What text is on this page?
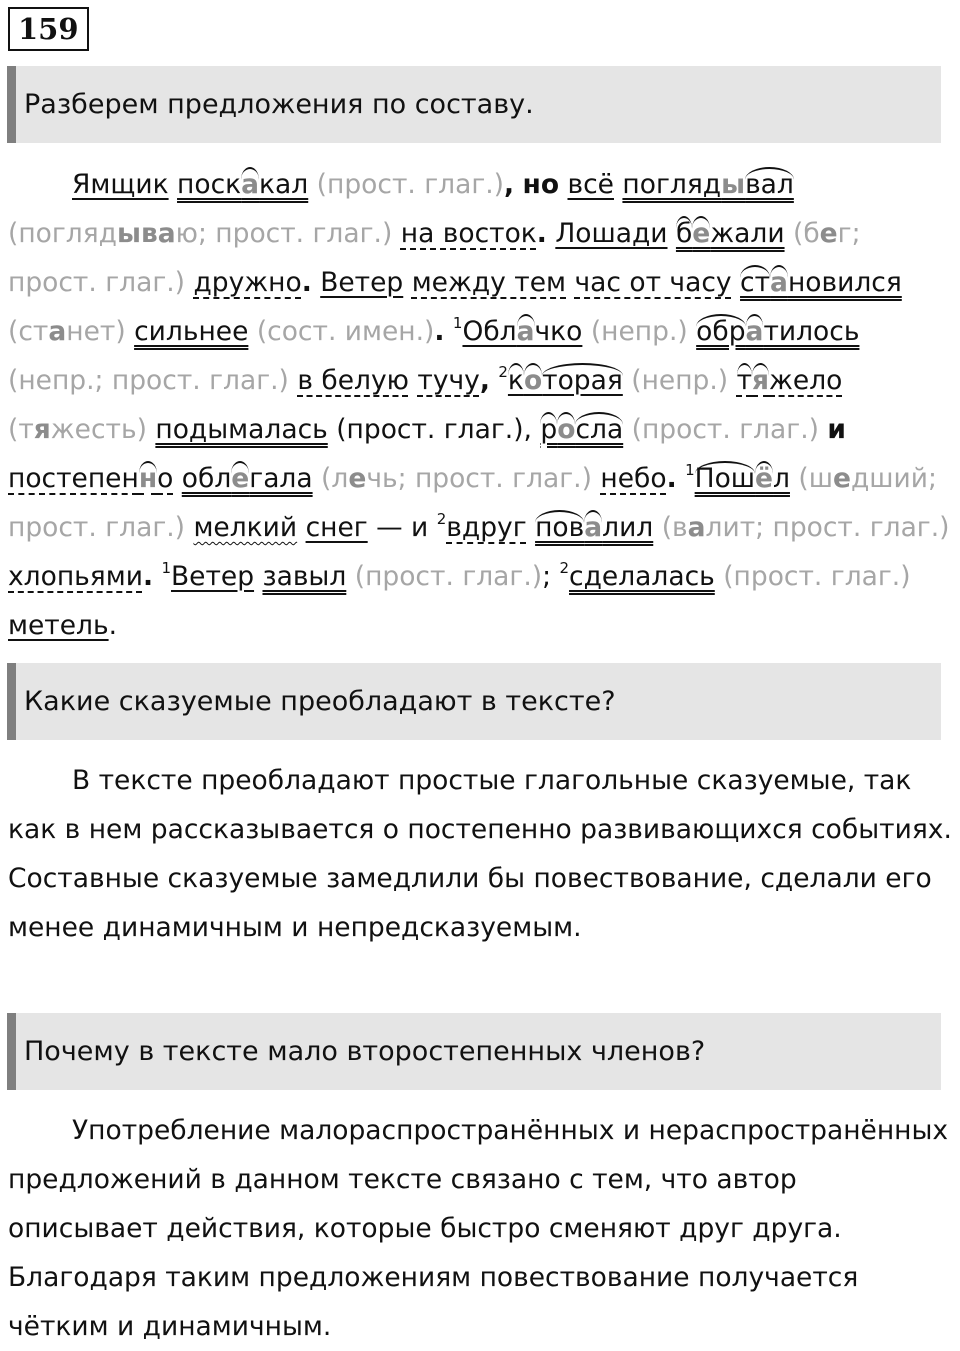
159
Разберем предложения по составу.

Ямщик поскакал (прост. глаг.), но всё поглядывал (поглядываю; прост. глаг.) на восток. Лошади бежали (бег; прост. глаг.) дружно. Ветер между тем час от часу становился (станет) сильнее (сост. имен.). $^1$Облачко (непр.) обратилось (непр.; прост. глаг.) в белую тучу, $^2$которая (непр.) тяжело (тяжесть) подымалась (прост. глаг.), росла (прост. глаг.) и постепенно облегала (лечь; прост. глаг.) небо. $^1$Пошёл (шедший; прост. глаг.) мелкий снег — и $^2$вдруг повалил (валит; прост. глаг.) хлопьями. $^1$Ветер завыл (прост. глаг.); $^2$сделалась (прост. глаг.) метель.

Какие сказуемые преобладают в тексте?

В тексте преобладают простые глагольные сказуемые, так как в нем рассказывается о постепенно развивающихся событиях. Составные сказуемые замедлили бы повествование, сделали его менее динамичным и непредсказуемым.

Почему в тексте мало второстепенных членов?

Употребление малораспространённых и нераспространённых предложений в данном тексте связано с тем, что автор описывает действия, которые быстро сменяют друг друга. Благодаря таким предложениям повествование получается чётким и динамичным.
